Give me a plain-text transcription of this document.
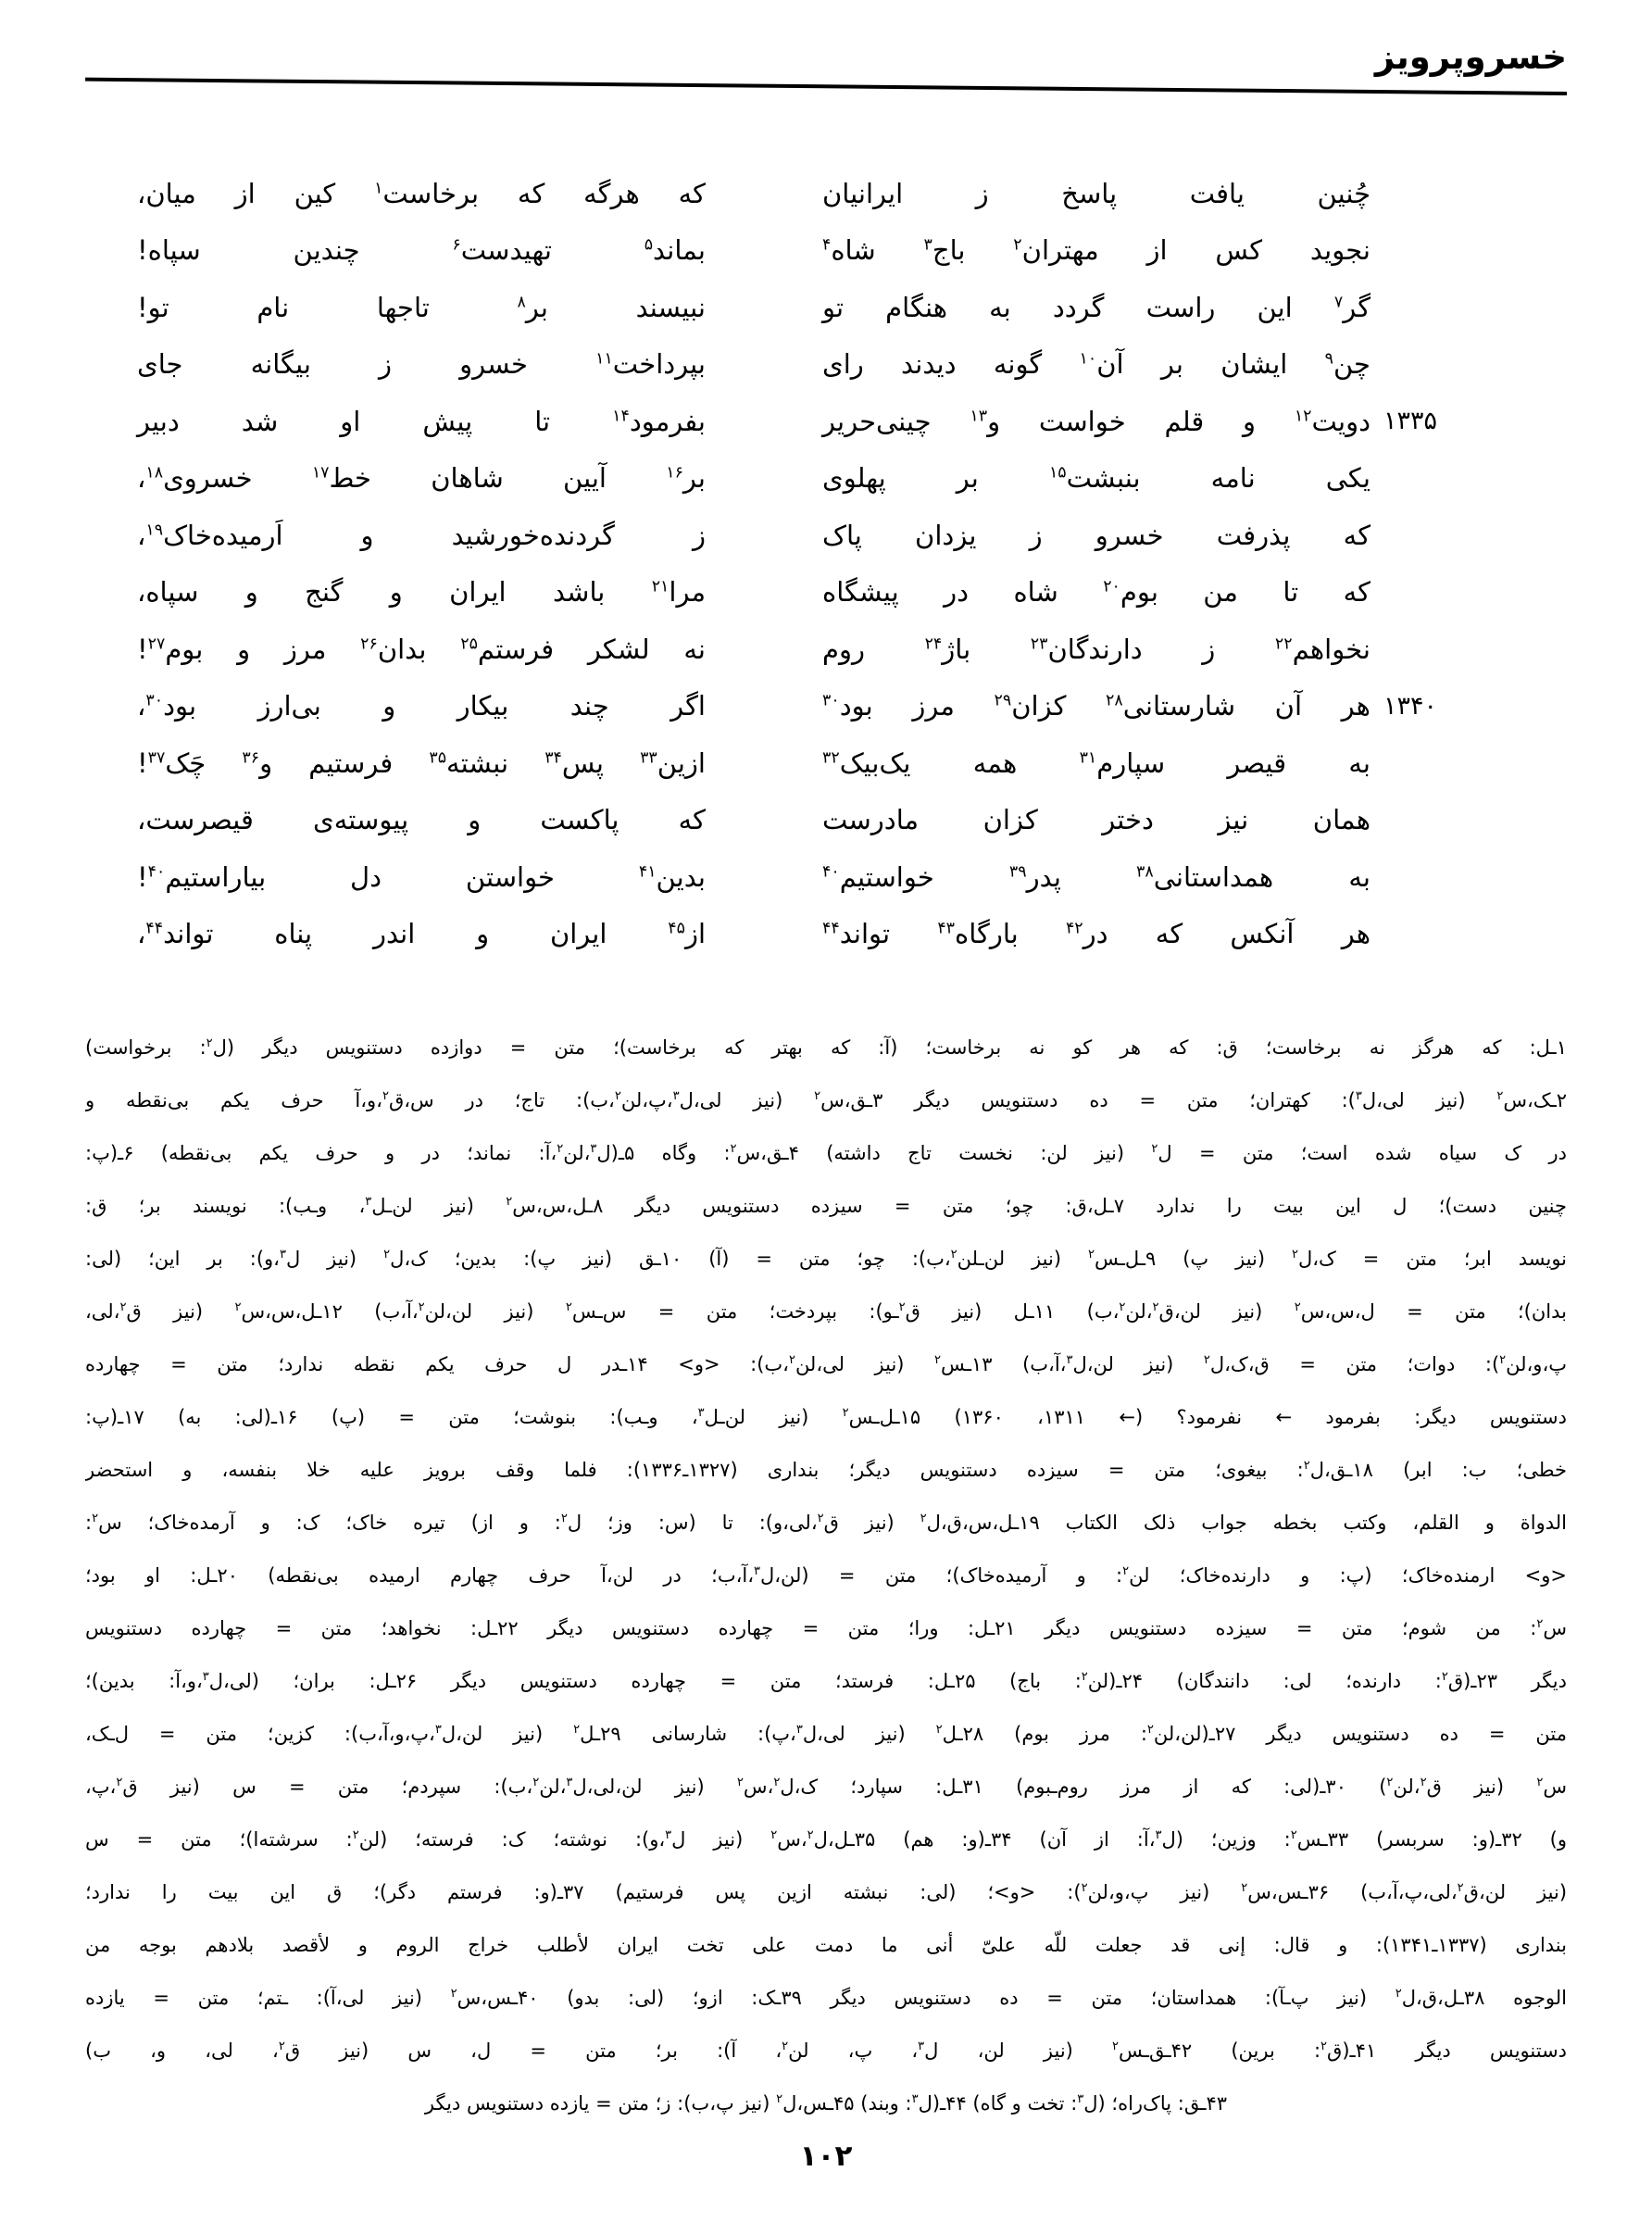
خسروپرویز
چُنین یافت پاسخ ز ایرانیان
که هرگه که برخاست$^۱$ کین از میان،
نجوید کس از مهتران$^۲$ باج$^۳$ شاه$^۴$
بماند$^۵$ تهیدست$^۶$ چندین سپاه!
گر$^۷$ این راست گردد به هنگام تو
نبیسند بر$^۸$ تاجها نام تو!
چن$^۹$ ایشان بر آن$^{۱۰}$ گونه دیدند رای
بپرداخت$^{۱۱}$ خسرو ز بیگانه جای
۱۳۳۵
دویت$^{۱۲}$ و قلم خواست و$^{۱۳}$ چینی‌حریر
بفرمود$^{۱۴}$ تا پیش او شد دبیر
یکی نامه بنبشت$^{۱۵}$ بر پهلوی
بر$^{۱۶}$ آیین شاهان خط$^{۱۷}$ خسروی$^{۱۸}$،
که پذرفت خسرو ز یزدان پاک
ز گردنده‌خورشید و اَرمیده‌خاک$^{۱۹}$،
که تا من بوم$^{۲۰}$ شاه در پیشگاه
مرا$^{۲۱}$ باشد ایران و گنج و سپاه،
نخواهم$^{۲۲}$ ز دارندگان$^{۲۳}$ باژ$^{۲۴}$ روم
نه لشکر فرستم$^{۲۵}$ بدان$^{۲۶}$ مرز و بوم$^{۲۷}$!
۱۳۴۰
هر آن شارستانی$^{۲۸}$ کزان$^{۲۹}$ مرز بود$^{۳۰}$
اگر چند بیکار و بی‌ارز بود$^{۳۰}$،
به قیصر سپارم$^{۳۱}$ همه یک‌بیک$^{۳۲}$
ازین$^{۳۳}$ پس$^{۳۴}$ نبشته$^{۳۵}$ فرستیم و$^{۳۶}$ چَک$^{۳۷}$!
همان نیز دختر کزان مادرست
که پاکست و پیوسته‌ی قیصرست،
به همداستانی$^{۳۸}$ پدر$^{۳۹}$ خواستیم$^{۴۰}$
بدین$^{۴۱}$ خواستن دل بیاراستیم$^{۴۰}$!
هر آنکس که در$^{۴۲}$ بارگاه$^{۴۳}$ تواند$^{۴۴}$
از$^{۴۵}$ ایران و اندر پناه تواند$^{۴۴}$،
۱ـل: که هرگز نه برخاست؛ ق: که هر کو نه برخاست؛ (آ: که بهتر که برخاست)؛ متن = دوازده دستنویس دیگر (ل$^۲$: برخواست)
۲ـک،س$^۲$ (نیز لی،ل$^۳$): کهتران؛ متن = ده دستنویس دیگر ۳ـق،س$^۲$ (نیز لی،ل$^۳$،پ،لن$^۲$،ب): تاج؛ در س،ق$^۲$،و،آ حرف یکم بی‌نقطه و
در ک سیاه شده است؛ متن = ل$^۲$ (نیز لن: نخست تاج داشته) ۴ـق،س$^۲$: وگاه ۵ـ(ل$^۳$،لن$^۲$،آ: نماند؛ در و حرف یکم بی‌نقطه) ۶ـ(پ:
چنین دست)؛ ل این بیت را ندارد ۷ـل،ق: چو؛ متن = سیزده دستنویس دیگر ۸ـل،س،س$^۲$ (نیز لن‌ـل$^۳$، وـب): نویسند بر؛ ق:
نویسد ابر؛ متن = ک،ل$^۲$ (نیز پ) ۹ـل‌ـس$^۲$ (نیز لن‌ـلن$^۲$،ب): چو؛ متن = (آ) ۱۰ـق (نیز پ): بدین؛ ک،ل$^۲$ (نیز ل$^۳$،و): بر این؛ (لی:
بدان)؛ متن = ل،س،س$^۲$ (نیز لن،ق$^۲$،لن$^۲$،ب) ۱۱ـل (نیز ق$^۲$ـو): بپردخت؛ متن = س‌ـس$^۲$ (نیز لن،لن$^۲$،آ،ب) ۱۲ـل،س،س$^۲$ (نیز ق$^۲$،لی،
پ،و،لن$^۲$): دوات؛ متن = ق،ک،ل$^۲$ (نیز لن،ل$^۳$،آ،ب) ۱۳ـس$^۲$ (نیز لی،لن$^۲$،ب): <و> ۱۴ـدر ل حرف یکم نقطه ندارد؛ متن = چهارده
دستنویس دیگر: بفرمود ← نفرمود؟ (← ۱۳۱۱، ۱۳۶۰) ۱۵ـل‌ـس$^۲$ (نیز لن‌ـل$^۳$، وـب): بنوشت؛ متن = (پ) ۱۶ـ(لی: به) ۱۷ـ(پ:
خطی؛ ب: ابر) ۱۸ـق،ل$^۲$: بیغوی؛ متن = سیزده دستنویس دیگر؛ بنداری (۱۳۲۷ـ۱۳۳۶): فلما وقف برویز علیه خلا بنفسه، و استحضر
الدواة و القلم، وکتب بخطه جواب ذلک الکتاب ۱۹ـل،س،ق،ل$^۲$ (نیز ق$^۲$،لی،و): تا (س: وز؛ ل$^۲$: و از) تیره خاک؛ ک: و آرمده‌خاک؛ س$^۲$:
<و> ارمنده‌خاک؛ (پ: و دارنده‌خاک؛ لن$^۲$: و آرمیده‌خاک)؛ متن = (لن،ل$^۳$،آ،ب؛ در لن،آ حرف چهارم ارمیده بی‌نقطه) ۲۰ـل: او بود؛
س$^۲$: من شوم؛ متن = سیزده دستنویس دیگر ۲۱ـل: ورا؛ متن = چهارده دستنویس دیگر ۲۲ـل: نخواهد؛ متن = چهارده دستنویس
دیگر ۲۳ـ(ق$^۲$: دارنده؛ لی: دانندگان) ۲۴ـ(لن$^۲$: باج) ۲۵ـل: فرستد؛ متن = چهارده دستنویس دیگر ۲۶ـل: بران؛ (لی،ل$^۳$،و،آ: بدین)؛
متن = ده دستنویس دیگر ۲۷ـ(لن،لن$^۲$: مرز بوم) ۲۸ـل$^۲$ (نیز لی،ل$^۳$،پ): شارسانی ۲۹ـل$^۲$ (نیز لن،ل$^۳$،پ،و،آ،ب): کزین؛ متن = ل‌ـک،
س$^۲$ (نیز ق$^۲$،لن$^۲$) ۳۰ـ(لی: که از مرز روم‌ـبوم) ۳۱ـل: سپارد؛ ک،ل$^۲$،س$^۲$ (نیز لن،لی،ل$^۳$،لن$^۲$،ب): سپردم؛ متن = س (نیز ق$^۲$،پ،
و) ۳۲ـ(و: سربسر) ۳۳ـس$^۲$: وزین؛ (ل$^۳$،آ: از آن) ۳۴ـ(و: هم) ۳۵ـل،ل$^۲$،س$^۲$ (نیز ل$^۳$،و): نوشته؛ ک: فرسته؛ (لن$^۲$: سرشته‌ا)؛ متن = س
(نیز لن،ق$^۲$،لی،پ،آ،ب) ۳۶ـس،س$^۲$ (نیز پ،و،لن$^۲$): <و>؛ (لی: نبشته ازین پس فرستیم) ۳۷ـ(و: فرستم دگر)؛ ق این بیت را ندارد؛
بنداری (۱۳۳۷ـ۱۳۴۱): و قال: إنی قد جعلت للّه علیّ أنی ما دمت علی تخت ایران لأطلب خراج الروم و لأقصد بلادهم بوجه من
الوجوه ۳۸ـل،ق،ل$^۲$ (نیز پ‌ـآ): همداستان؛ متن = ده دستنویس دیگر ۳۹ـک: ازو؛ (لی: بدو) ۴۰ـس،س$^۲$ (نیز لی،آ): ـتم؛ متن = یازده
دستنویس دیگر ۴۱ـ(ق$^۲$: برین) ۴۲ـق‌ـس$^۲$ (نیز لن، ل$^۳$، پ، لن$^۲$، آ): بر؛ متن = ل، س (نیز ق$^۲$، لی، و، ب)
۴۳ـق: پاک‌راه؛ (ل$^۳$: تخت و گاه) ۴۴ـ(ل$^۳$: وبند) ۴۵ـس،ل$^۲$ (نیز پ،ب): ز؛ متن = یازده دستنویس دیگر
۱۰۲
